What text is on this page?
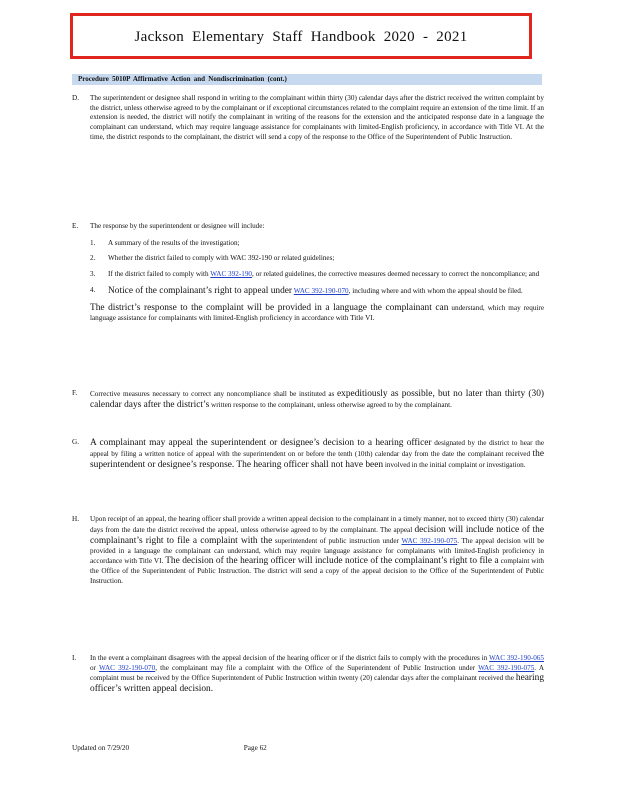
Jackson Elementary Staff Handbook 2020 - 2021
Procedure 5010P Affirmative Action and Nondiscrimination (cont.)
D.	The superintendent or designee shall respond in writing to the complainant within thirty (30) calendar days after the district received the written complaint by the district, unless otherwise agreed to by the complainant or if exceptional circumstances related to the complaint require an extension of the time limit. If an extension is needed, the district will notify the complainant in writing of the reasons for the extension and the anticipated response date in a language the complainant can understand, which may require language assistance for complainants with limited-English proficiency, in accordance with Title VI. At the time, the district responds to the complainant, the district will send a copy of the response to the Office of the Superintendent of Public Instruction.
E.	The response by the superintendent or designee will include:
1. A summary of the results of the investigation;
2. Whether the district failed to comply with WAC 392-190 or related guidelines;
3. If the district failed to comply with WAC 392-190, or related guidelines, the corrective measures deemed necessary to correct the noncompliance; and
4. Notice of the complainant’s right to appeal under WAC 392-190-070, including where and with whom the appeal should be filed.
The district’s response to the complaint will be provided in a language the complainant can understand, which may require language assistance for complainants with limited-English proficiency in accordance with Title VI.
F.	Corrective measures necessary to correct any noncompliance shall be instituted as expeditiously as possible, but no later than thirty (30) calendar days after the district’s written response to the complainant, unless otherwise agreed to by the complainant.
G.	A complainant may appeal the superintendent or designee’s decision to a hearing officer designated by the district to hear the appeal by filing a written notice of appeal with the superintendent on or before the tenth (10th) calendar day from the date the complainant received the superintendent or designee’s response. The hearing officer shall not have been involved in the initial complaint or investigation.
H.	Upon receipt of an appeal, the hearing officer shall provide a written appeal decision to the complainant in a timely manner, not to exceed thirty (30) calendar days from the date the district received the appeal, unless otherwise agreed to by the complainant. The appeal decision will include notice of the complainant’s right to file a complaint with the superintendent of public instruction under WAC 392-190-075. The appeal decision will be provided in a language the complainant can understand, which may require language assistance for complainants with limited-English proficiency in accordance with Title VI. The decision of the hearing officer will include notice of the complainant’s right to file a complaint with the Office of the Superintendent of Public Instruction. The district will send a copy of the appeal decision to the Office of the Superintendent of Public Instruction.
I.	In the event a complainant disagrees with the appeal decision of the hearing officer or if the district fails to comply with the procedures in WAC 392-190-065 or WAC 392-190-070, the complainant may file a complaint with the Office of the Superintendent of Public Instruction under WAC 392-190-075. A complaint must be received by the Office Superintendent of Public Instruction within twenty (20) calendar days after the complainant received the hearing officer’s written appeal decision.
Updated on 7/29/20	Page 62
